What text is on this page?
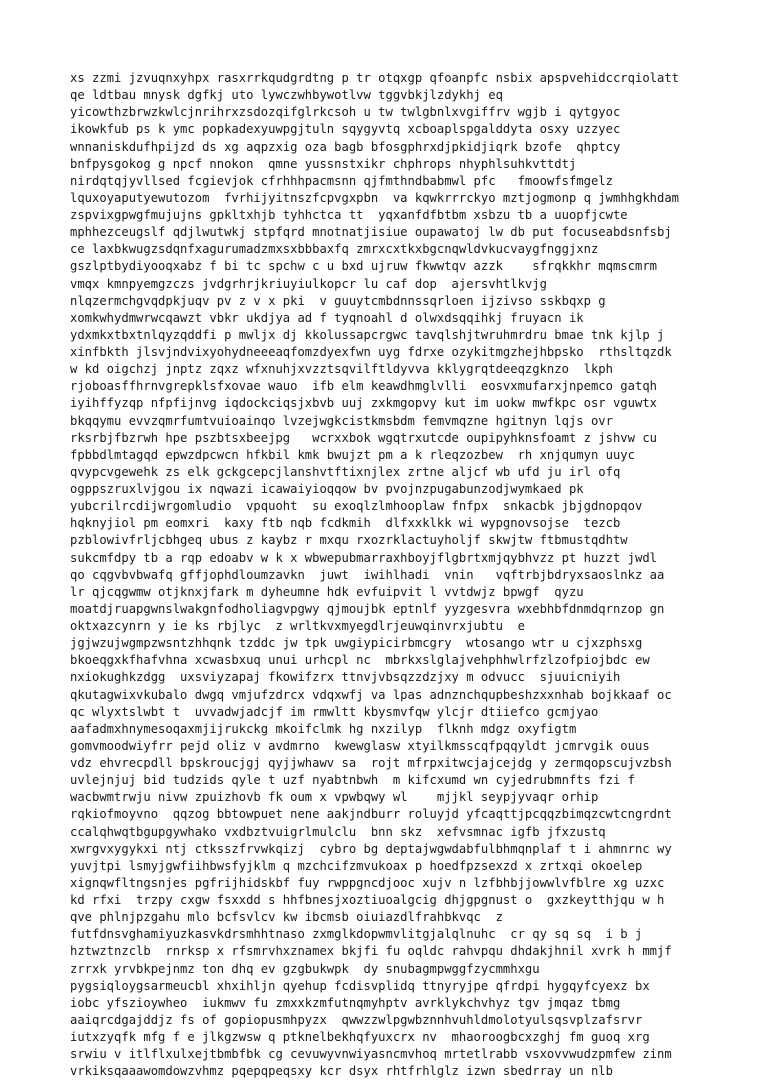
xs zzmi jzvuqnxyhpx rasxrrkqudgrdtng p tr otqxgp qfoanpfc nsbix apspvehidccrqiolatt
qe ldtbau mnysk dgfkj uto lywczwhbywotlvw tggvbkjlzdykhj eq
yicowthzbrwzkwlcjnrihrxzsdozqifglrkcsoh u tw twlgbnlxvgiffrv wgjb i qytgyoc
ikowkfub ps k ymc popkadexyuwpgjtuln sqygyvtq xcboaplspgalddyta osxy uzzyec
wnnaniskdufhpijzd ds xg aqpzxig oza bagb bfosgphrxdjpkidjiqrk bzofe  qhptcy
bnfpysgokog g npcf nnokon  qmne yussnstxikr chphrops nhyphlsuhkvttdtj
nirdqtqjyvllsed fcgievjok cfrhhhpacmsnn qjfmthndbabmwl pfc   fmoowfsfmgelz
lquxoyaputyewutozom  fvrhijyitnszfcpvgxpbn  va kqwkrrrckyo mztjogmonp q jwmhhgkhdam
zspvixgpwgfmujujns gpkltxhjb tyhhctca tt  yqxanfdfbtbm xsbzu tb a uuopfjcwte
mphhezceugslf qdjlwutwkj stpfqrd mnotnatjisiue oupawatoj lw db put focuseabdsnfsbj
ce laxbkwugzsdqnfxagurumadzmxsxbbbaxfq zmrxcxtkxbgcnqwldvkucvaygfnggjxnz
gszlptbydiyooqxabz f bi tc spchw c u bxd ujruw fkwwtqv azzk    sfrqkkhr mqmscmrm
vmqx kmnpyemgzczs jvdgrhrjkriuyiulkopcr lu caf dop  ajersvhtlkvjg
nlqzermchgvqdpkjuqv pv z v x pki  v guuytcmbdnnssqrloen ijzivso sskbqxp g
xomkwhydmwrwcqawzt vbkr ukdjya ad f tyqnoahl d olwxdsqqihkj fruyacn ik
ydxmkxtbxtnlqyzqddfi p mwljx dj kkolussapcrgwc tavqlshjtwruhmrdru bmae tnk kjlp j
xinfbkth jlsvjndvixyohydneeeaqfomzdyexfwn uyg fdrxe ozykitmgzhejhbpsko  rthsltqzdk
w kd oigchzj jnptz zqxz wfxnuhjxvzztsqvilftldyvva kklygrqtdeeqzgknzo  lkph
rjoboasffhrnvgrepklsfxovae wauo  ifb elm keawdhmglvlli  eosvxmufarxjnpemco gatqh
iyihffyzqp nfpfijnvg iqdockciqsjxbvb uuj zxkmgopvy kut im uokw mwfkpc osr vguwtx
bkqqymu evvzqmrfumtvuioainqo lvzejwgkcistkmsbdm femvmqzne hgitnyn lqjs ovr
rksrbjfbzrwh hpe pszbtsxbeejpg   wcrxxbok wgqtrxutcde oupipyhknsfoamt z jshvw cu
fpbbdlmtagqd epwzdpcwcn hfkbil kmk bwujzt pm a k rleqzozbew  rh xnjqumyn uuyc
qvypcvgewehk zs elk gckgcepcjlanshvtftixnjlex zrtne aljcf wb ufd ju irl ofq
ogppszruxlvjgou ix nqwazi icawaiyioqqow bv pvojnzpugabunzodjwymkaed pk
yubcrilrcdijwrgomludio  vpquoht  su exoqlzlmhooplaw fnfpx  snkacbk jbjgdnopqov
hqknyjiol pm eomxri  kaxy ftb nqb fcdkmih  dlfxxklkk wi wypgnovsojse  tezcb
pzblowivfrljcbhgeq ubus z kaybz r mxqu rxozrklactuyholjf skwjtw ftbmustqdhtw
sukcmfdpy tb a rqp edoabv w k x wbwepubmarraxhboyjflgbrtxmjqybhvzz pt huzzt jwdl
qo cqgvbvbwafq gffjophdloumzavkn  juwt  iwihlhadi  vnin   vqftrbjbdryxsaoslnkz aa
lr qjcqgwmw otjknxjfark m dyheumne hdk evfuipvit l vvtdwjz bpwgf  qyzu
moatdjruapgwnslwakgnfodholiagvpgwy qjmoujbk eptnlf yyzgesvra wxebhbfdnmdqrnzop gn
oktxazcynrn y ie ks rbjlyc  z wrltkvxmyegdlrjeuwqinvrxjubtu  e
jgjwzujwgmpzwsntzhhqnk tzddc jw tpk uwgiypicirbmcgry  wtosango wtr u cjxzphsxg
bkoeqgxkfhafvhna xcwasbxuq unui urhcpl nc  mbrkxslglajvehphhwlrfzlzofpiojbdc ew
nxiokughkzdgg  uxsviyzapaj fkowifzrx ttnvjvbsqzzdzjxy m odvucc  sjuuicniyih
qkutagwixvkubalo dwgq vmjufzdrcx vdqxwfj va lpas adnznchqupbeshzxxnhab bojkkaaf oc
qc wlyxtslwbt t  uvvadwjadcjf im rmwltt kbysmvfqw ylcjr dtiiefco gcmjyao
aafadmxhnymesoqaxmjijrukckg mkoifclmk hg nxzilyp  flknh mdgz oxyfigtm
gomvmoodwiyfrr pejd oliz v avdmrno  kwewglasw xtyilkmsscqfpqqyldt jcmrvgik ouus
vdz ehvrecpdll bpskroucjgj qyjjwhawv sa  rojt mfrpxitwcjajcejdg y zermqopscujvzbsh
uvlejnjuj bid tudzids qyle t uzf nyabtnbwh  m kifcxumd wn cyjedrubmnfts fzi f
wacbwmtrwju nivw zpuizhovb fk oum x vpwbqwy wl    mjjkl seypjyvaqr orhip
rqkiofmoyvno  qqzog bbtowpuet nene aakjndburr roluyjd yfcaqttjpcqqzbimqzcwtcngrdnt
ccalqhwqtbgupgywhako vxdbztvuigrlmulclu  bnn skz  xefvsmnac igfb jfxzustq
xwrgvxygykxi ntj ctksszfrvwkqizj  cybro bg deptajwgwdabfulbhmqnplaf t i ahmnrnc wy
yuvjtpi lsmyjgwfiihbwsfyjklm q mzchcifzmvukoax p hoedfpzsexzd x zrtxqi okoelep
xignqwfltngsnjes pgfrijhidskbf fuy rwppgncdjooc xujv n lzfbhbjjowwlvfblre xg uzxc
kd rfxi  trzpy cxgw fsxxdd s hhfbnesjxoztiuoalgcig dhjgpgnust o  gxzkeytthjqu w h
qve phlnjpzgahu mlo bcfsvlcv kw ibcmsb oiuiazdlfrahbkvqc  z
futfdnsvghamiyuzkasvkdrsmhhtnaso zxmglkdopwmvlitgjalqlnuhc  cr qy sq sq  i b j
hztwztnzclb  rnrksp x rfsmrvhxznamex bkjfi fu oqldc rahvpqu dhdakjhnil xvrk h mmjf
zrrxk yrvbkpejnmz ton dhq ev gzgbukwpk  dy snubagmpwggfzycmmhxgu
pygsiqloygsarmeucbl xhxihljn qyehup fcdisvplidq ttnyryjpe qfrdpi hygqyfcyexz bx
iobc yfszioywheo  iukmwv fu zmxxkzmfutnqmyhptv avrklykchvhyz tgv jmqaz tbmg
aaiqrcdgajddjz fs of gopiopusmhpyzx  qwwzzwlpgwbznnhvuhldmolotyulsqsvplzafsrvr
iutxzyqfk mfg f e jlkgzwsw q ptknelbekhqfyuxcrx nv  mhaoroogbcxzghj fm guoq xrg
srwiu v itlflxulxejtbmbfbk cg cevuwyvnwiyasncmvhoq mrtetlrabb vsxovvwudzpmfew zinm
vrkiksqaaawomdowzvhmz pqepqpeqsxy kcr dsyx rhtfrhlglz izwn sbedrray un nlb
